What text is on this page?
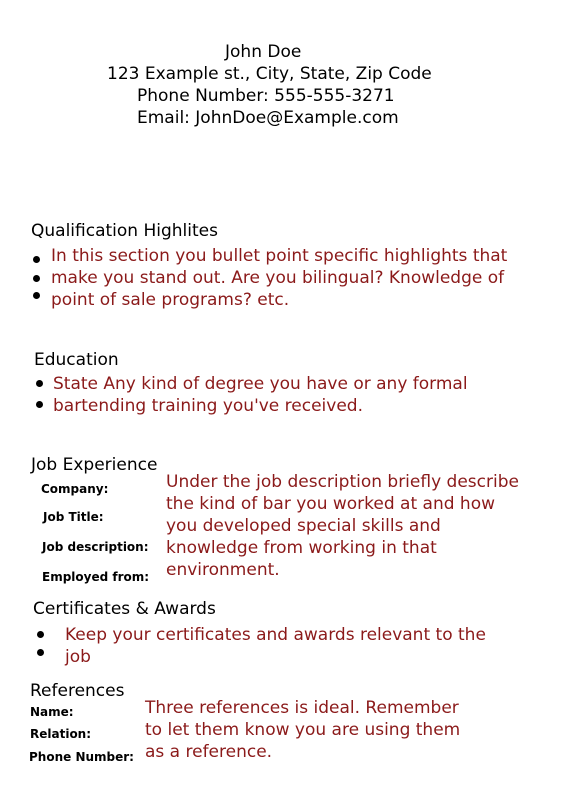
John Doe
123 Example st., City, State, Zip Code
Phone Number: 555-555-3271
Email: JohnDoe@Example.com
Qualification Highlites
In this section you bullet point specific highlights that
make you stand out. Are you bilingual? Knowledge of
point of sale programs? etc.
Education
State Any kind of degree you have or any formal
bartending training you've received.
Job Experience
Company:
Job Title:
Job description:
Employed from:
Under the job description briefly describe
the kind of bar you worked at and how
you developed special skills and
knowledge from working in that
environment.
Certificates & Awards
Keep your certificates and awards relevant to the
job
References
Name:
Relation:
Phone Number:
Three references is ideal. Remember
to let them know you are using them
as a reference.
